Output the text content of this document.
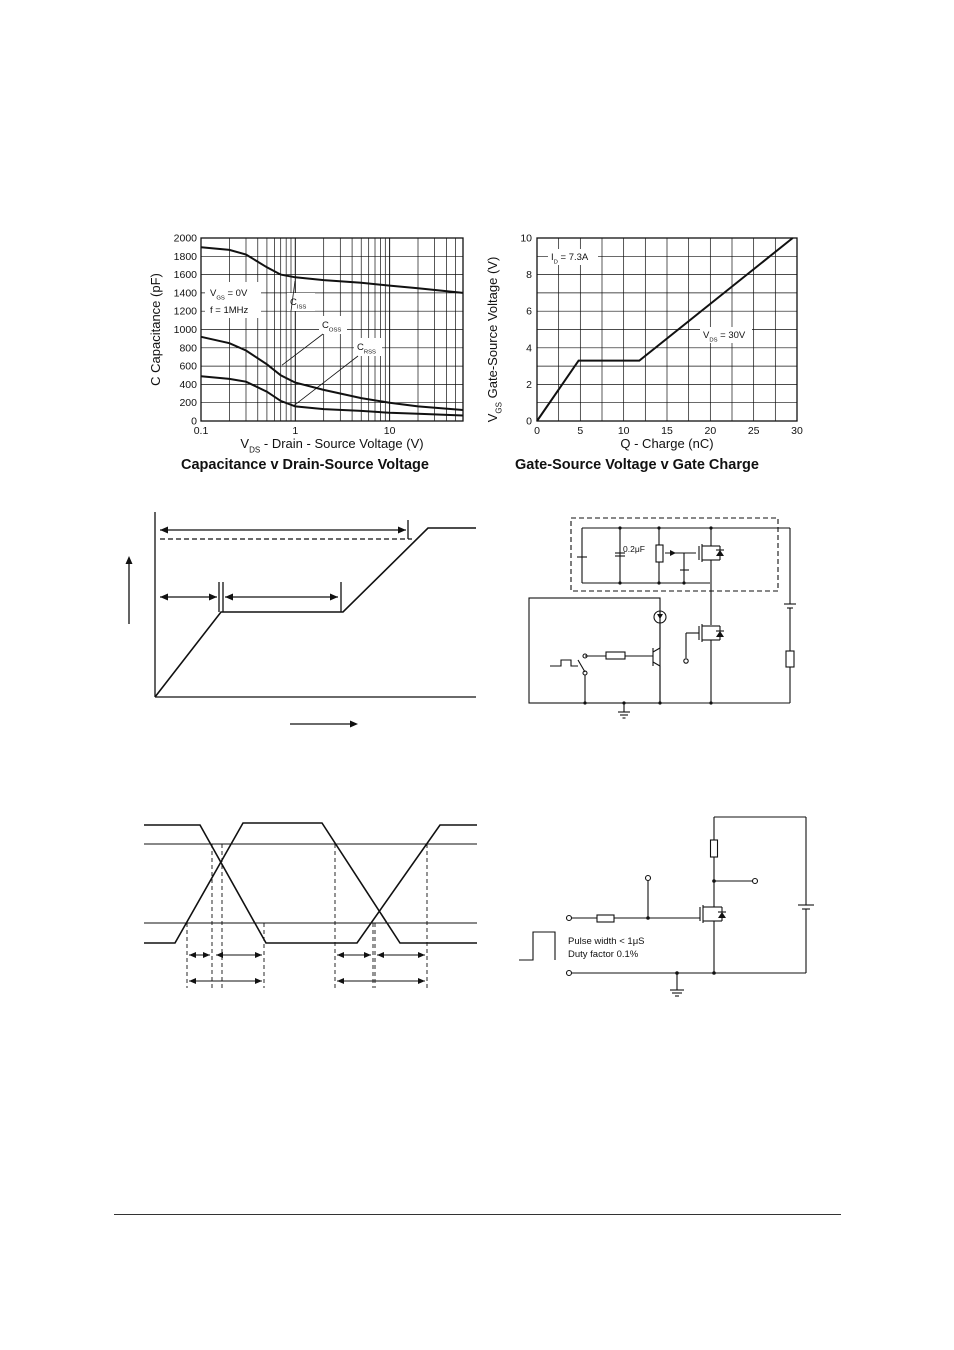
0
200
400
600
800
1000
1200
1400
1600
1800
2000
0.1	1	10
C Capacitance (pF)
$V_{DS}$ - Drain - Source Voltage (V)
$V_{GS} = 0V$
f = 1MHz
$C_{ISS}$
$C_{OSS}$
$C_{RSS}$
Capacitance v Drain-Source Voltage
0
2
4
6
8
10
0	5	10	15	20	25	30
Q - Charge (nC)
$V_{GS}$ Gate-Source Voltage (V)	$I_D = 7.3A$
$V_{DS} = 30V$
Gate-Source Voltage v Gate Charge
0.2μF
Pulse width < 1μS
Duty factor 0.1%
